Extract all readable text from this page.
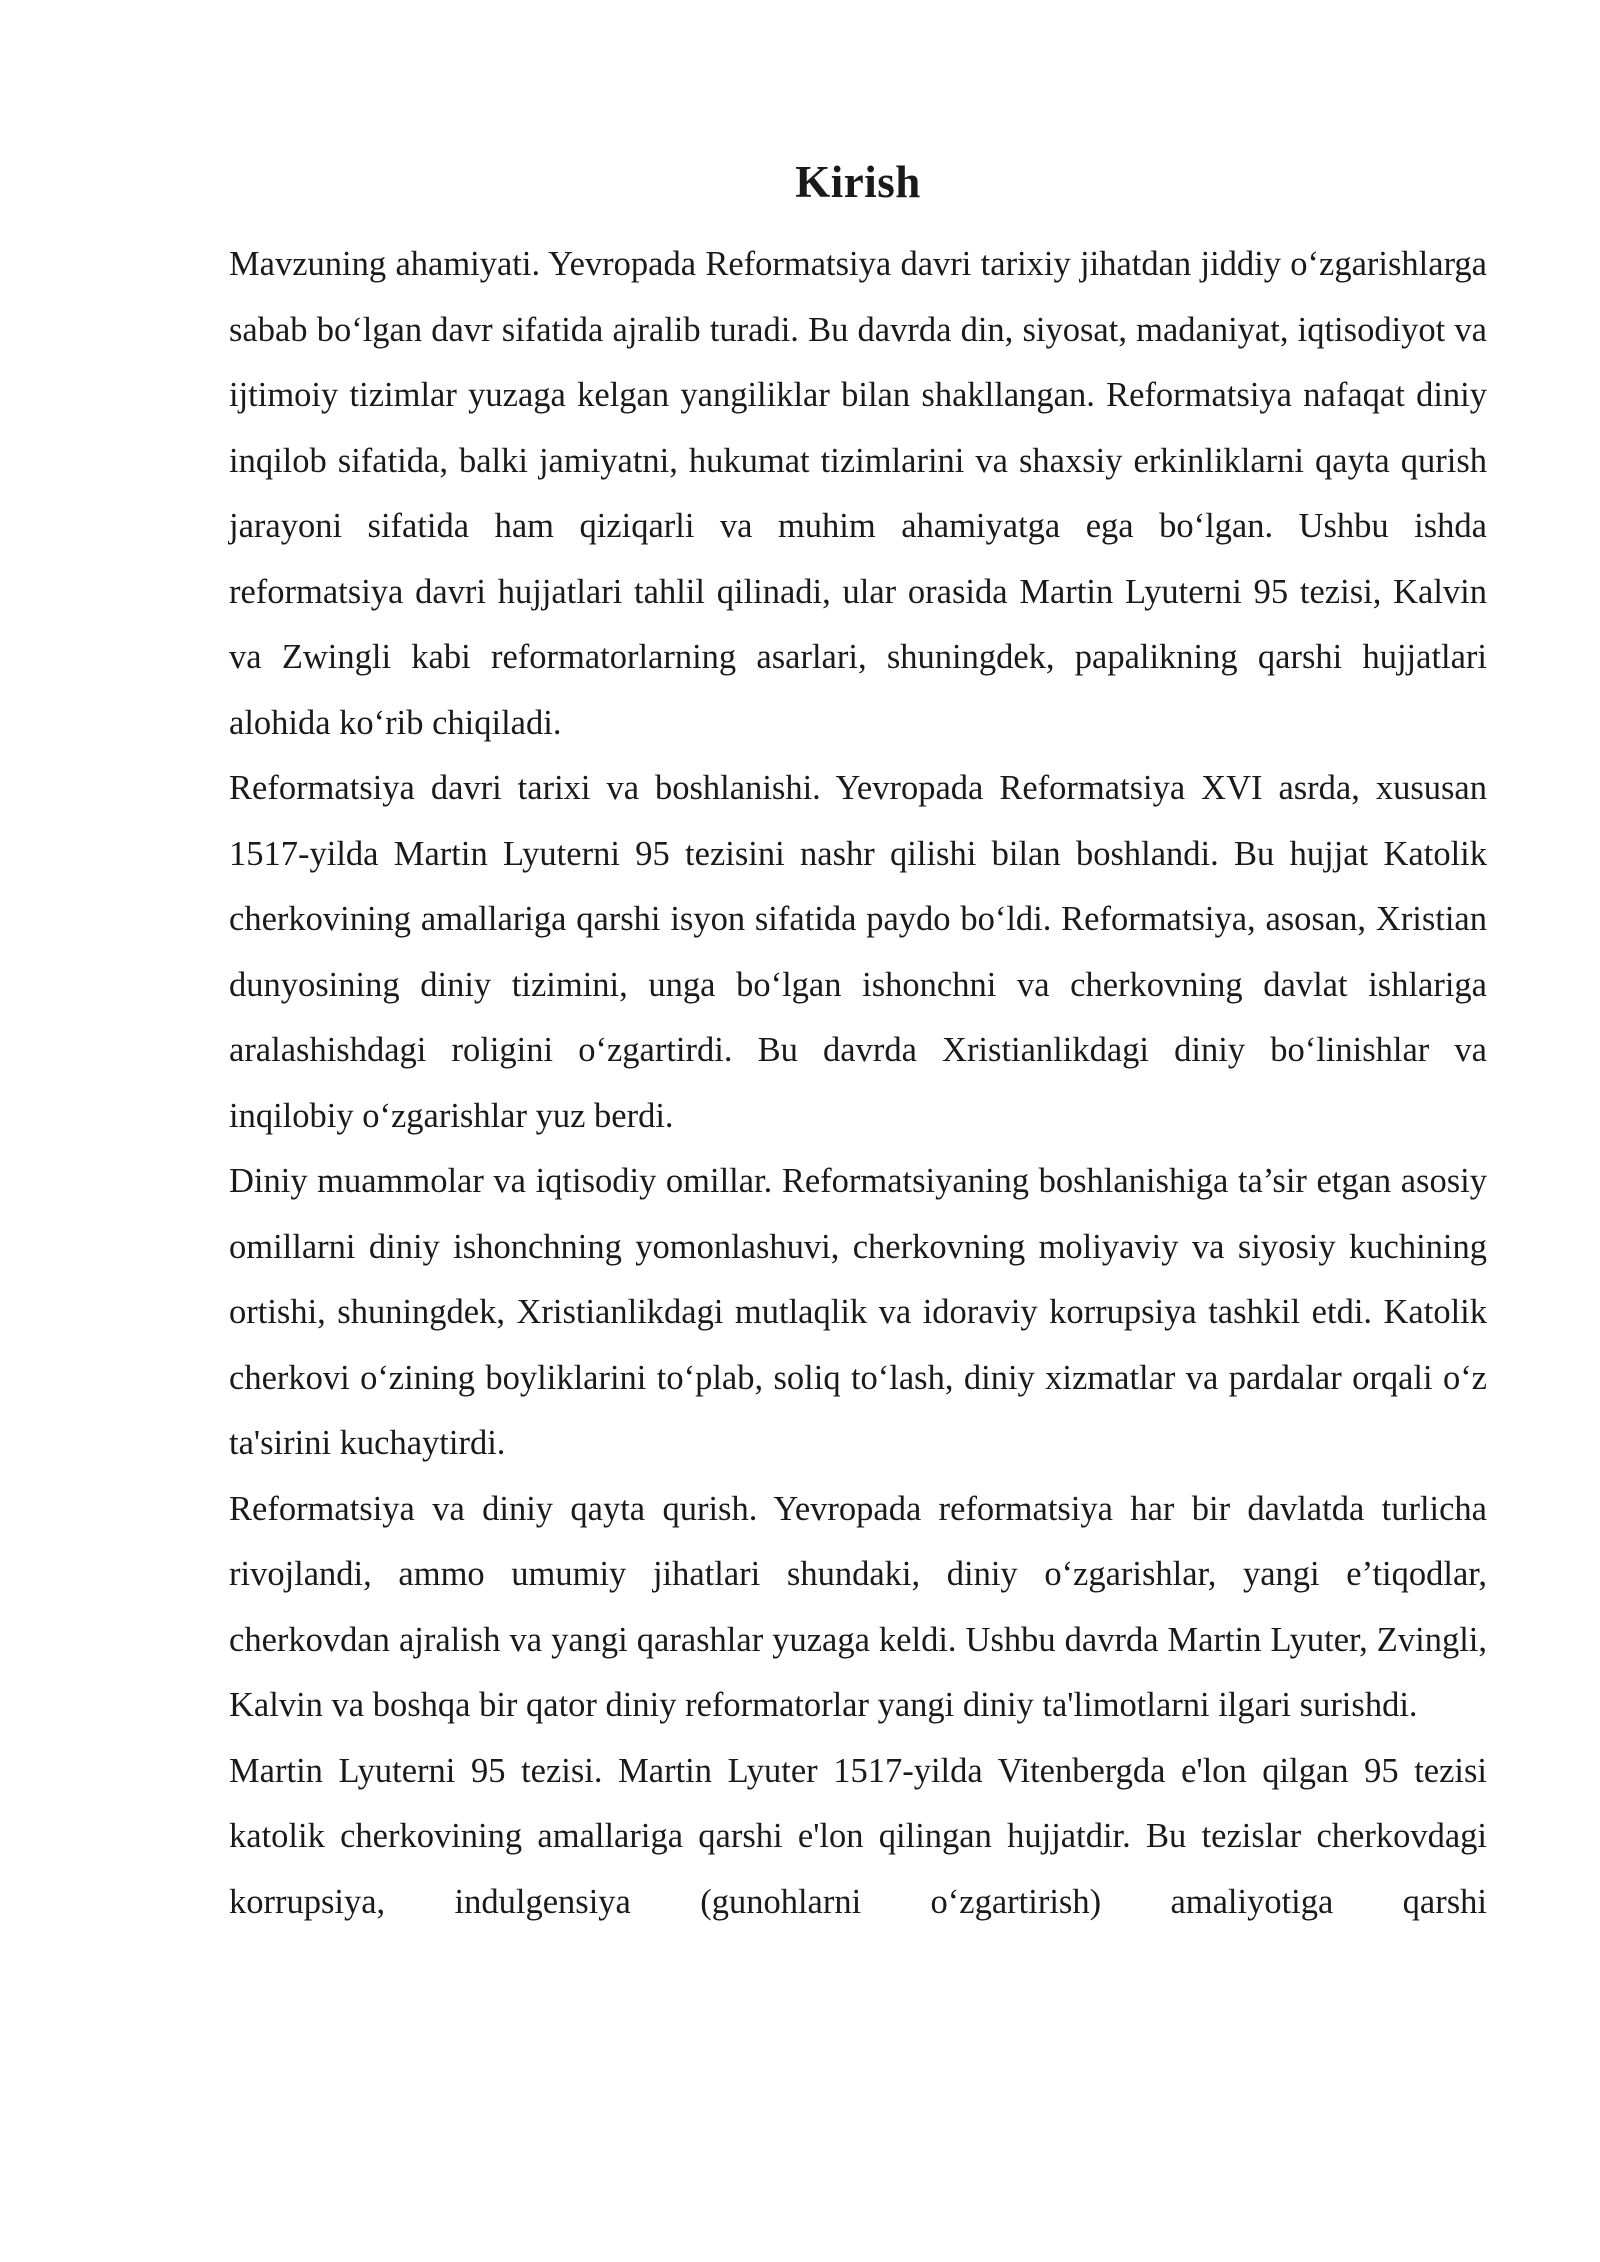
Kirish

Mavzuning ahamiyati. Yevropada Reformatsiya davri tarixiy jihatdan jiddiy o‘zgarishlarga sabab bo‘lgan davr sifatida ajralib turadi. Bu davrda din, siyosat, madaniyat, iqtisodiyot va ijtimoiy tizimlar yuzaga kelgan yangiliklar bilan shakllangan. Reformatsiya nafaqat diniy inqilob sifatida, balki jamiyatni, hukumat tizimlarini va shaxsiy erkinliklarni qayta qurish jarayoni sifatida ham qiziqarli va muhim ahamiyatga ega bo‘lgan. Ushbu ishda reformatsiya davri hujjatlari tahlil qilinadi, ular orasida Martin Lyuterni 95 tezisi, Kalvin va Zwingli kabi reformatorlarning asarlari, shuningdek, papalikning qarshi hujjatlari alohida ko‘rib chiqiladi.

Reformatsiya davri tarixi va boshlanishi. Yevropada Reformatsiya XVI asrda, xususan 1517-yilda Martin Lyuterni 95 tezisini nashr qilishi bilan boshlandi. Bu hujjat Katolik cherkovining amallariga qarshi isyon sifatida paydo bo‘ldi. Reformatsiya, asosan, Xristian dunyosining diniy tizimini, unga bo‘lgan ishonchni va cherkovning davlat ishlariga aralashishdagi roligini o‘zgartirdi. Bu davrda Xristianlikdagi diniy bo‘linishlar va inqilobiy o‘zgarishlar yuz berdi.

Diniy muammolar va iqtisodiy omillar. Reformatsiyaning boshlanishiga ta’sir etgan asosiy omillarni diniy ishonchning yomonlashuvi, cherkovning moliyaviy va siyosiy kuchining ortishi, shuningdek, Xristianlikdagi mutlaqlik va idoraviy korrupsiya tashkil etdi. Katolik cherkovi o‘zining boyliklarini to‘plab, soliq to‘lash, diniy xizmatlar va pardalar orqali o‘z ta'sirini kuchaytirdi.

Reformatsiya va diniy qayta qurish. Yevropada reformatsiya har bir davlatda turlicha rivojlandi, ammo umumiy jihatlari shundaki, diniy o‘zgarishlar, yangi e’tiqodlar, cherkovdan ajralish va yangi qarashlar yuzaga keldi. Ushbu davrda Martin Lyuter, Zvingli, Kalvin va boshqa bir qator diniy reformatorlar yangi diniy ta'limotlarni ilgari surishdi.

Martin Lyuterni 95 tezisi. Martin Lyuter 1517-yilda Vitenbergda e'lon qilgan 95 tezisi katolik cherkovining amallariga qarshi e'lon qilingan hujjatdir. Bu tezislar cherkovdagi korrupsiya, indulgensiya (gunohlarni o‘zgartirish) amaliyotiga qarshi
